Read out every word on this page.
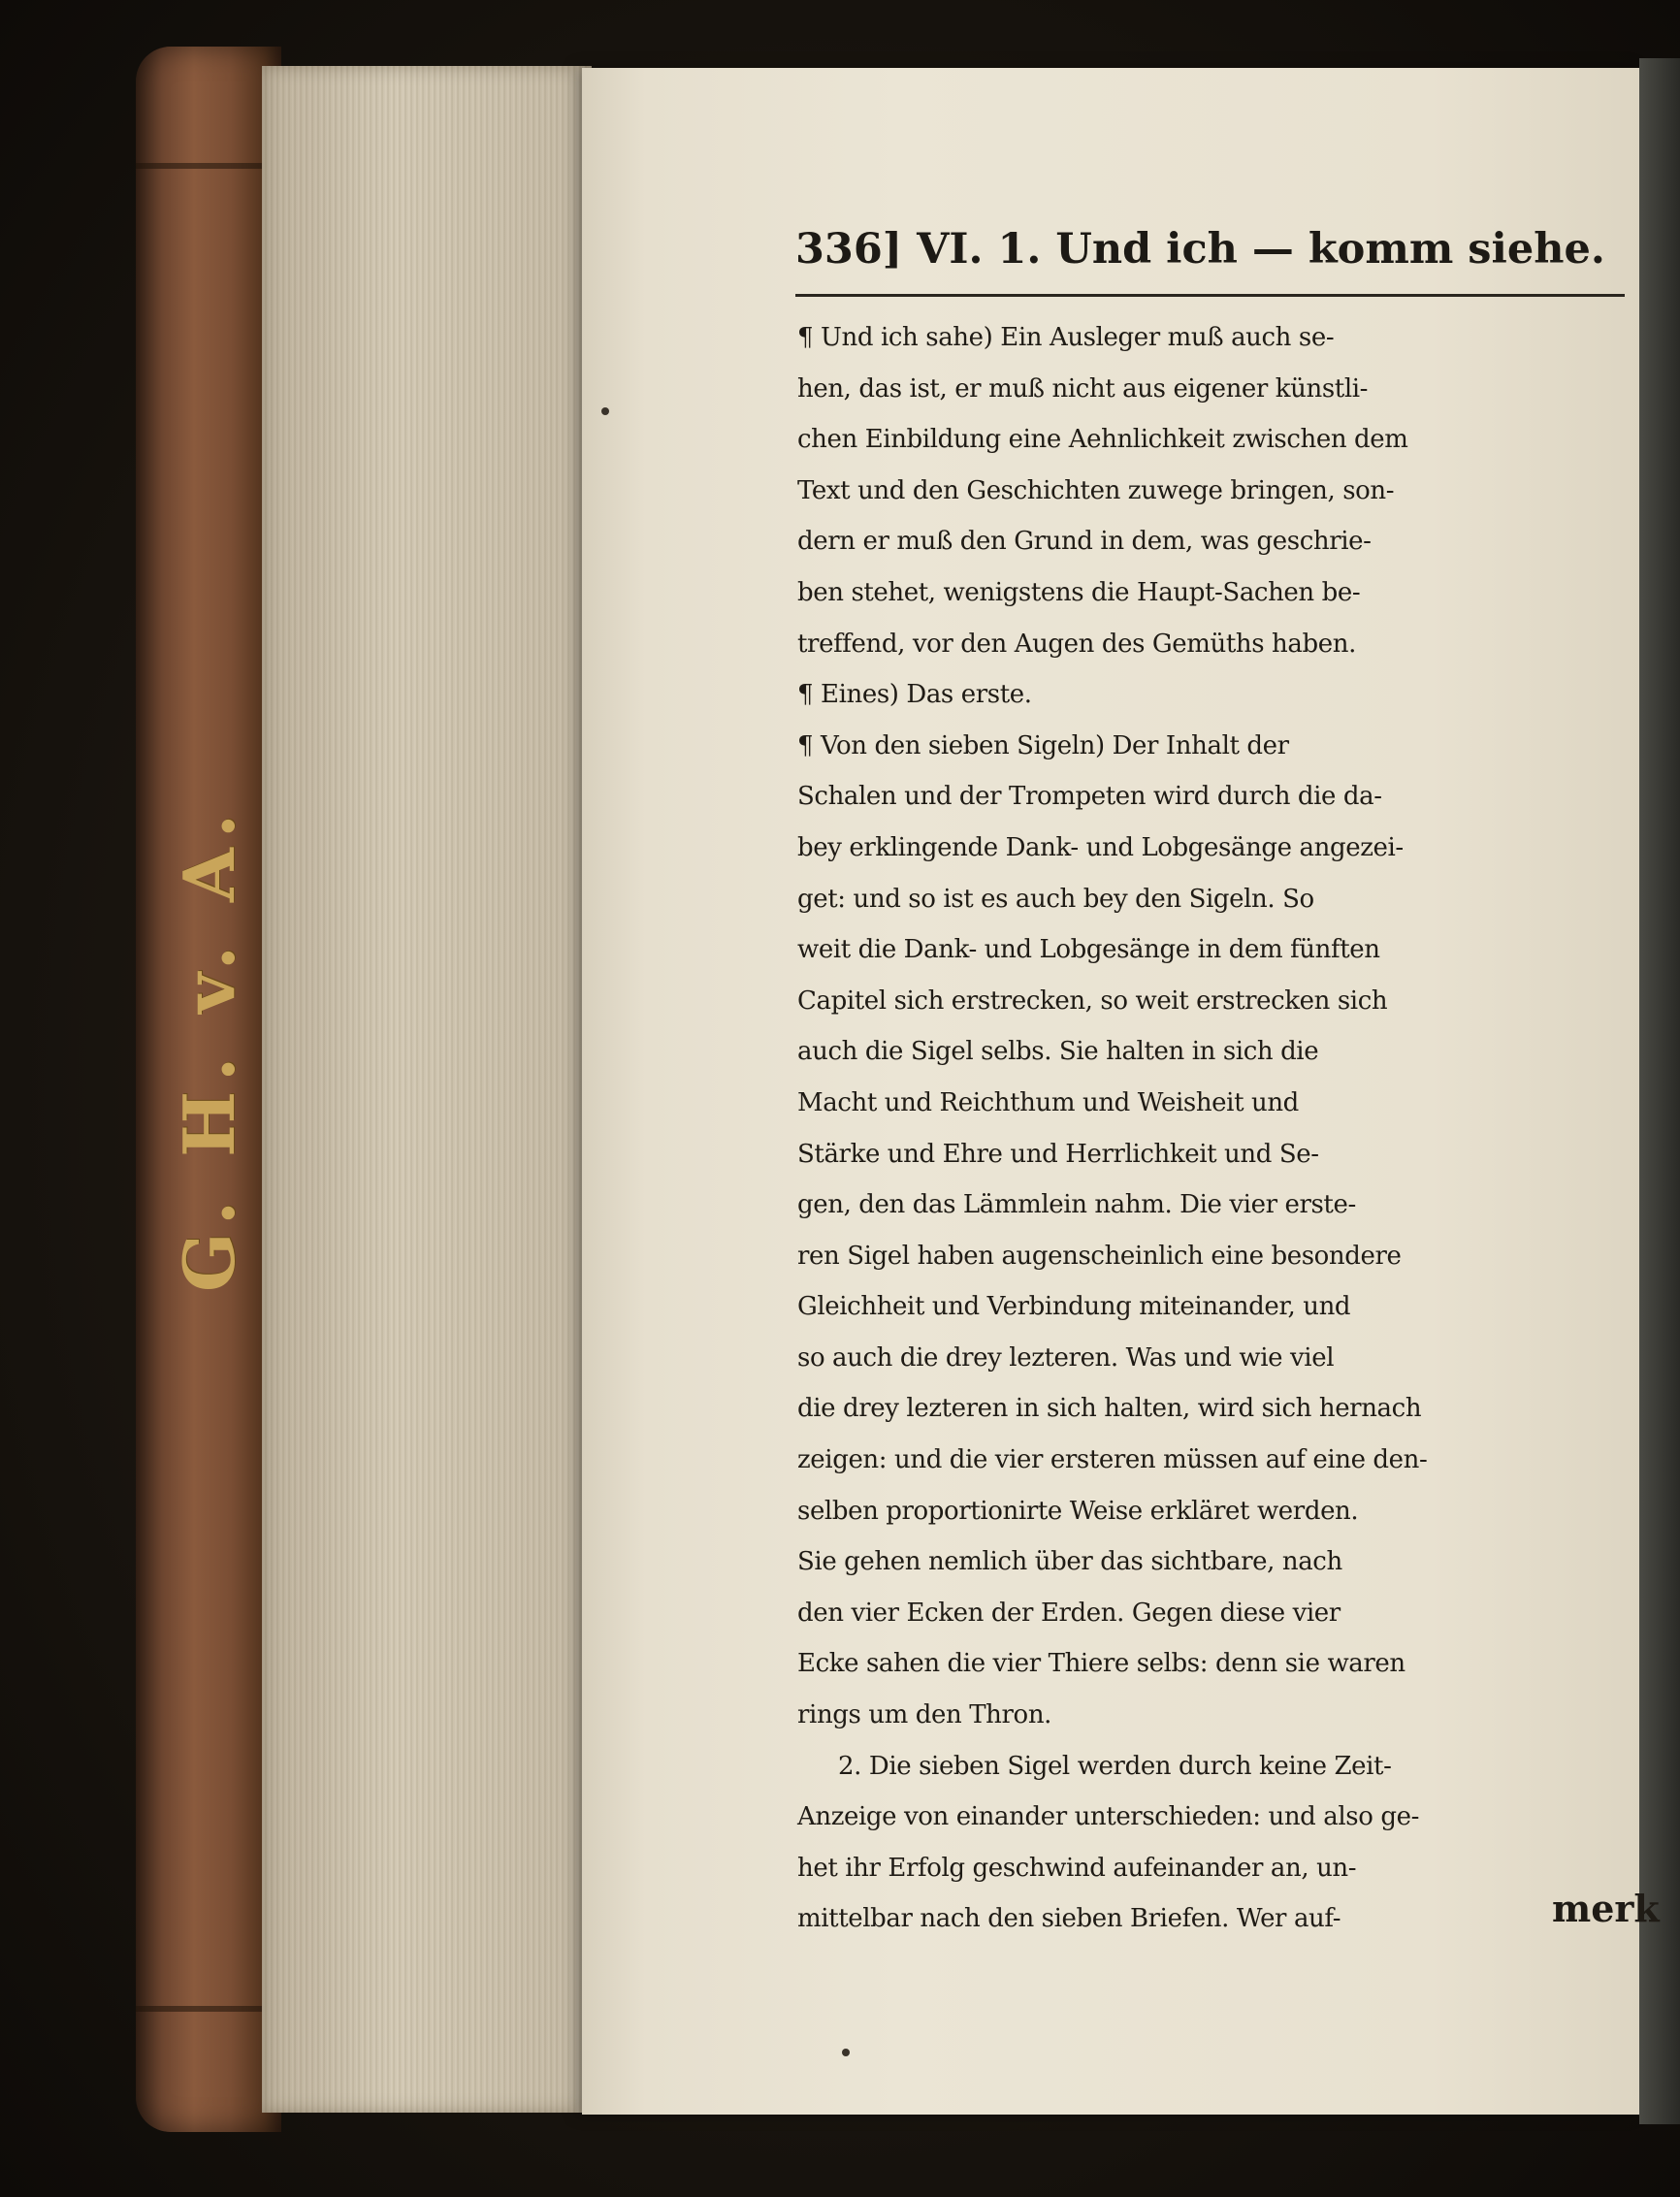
G. H. v. A.
336] VI. 1. Und ich — komm siehe.
¶ Und ich sahe) Ein Ausleger muß auch se-
hen, das ist, er muß nicht aus eigener künstli-
chen Einbildung eine Aehnlichkeit zwischen dem
Text und den Geschichten zuwege bringen, son-
dern er muß den Grund in dem, was geschrie-
ben stehet, wenigstens die Haupt-Sachen be-
treffend, vor den Augen des Gemüths haben.
¶ Eines) Das erste.
¶ Von den sieben Sigeln) Der Inhalt der
Schalen und der Trompeten wird durch die da-
bey erklingende Dank- und Lobgesänge angezei-
get: und so ist es auch bey den Sigeln. So
weit die Dank- und Lobgesänge in dem fünften
Capitel sich erstrecken, so weit erstrecken sich
auch die Sigel selbs. Sie halten in sich die
Macht und Reichthum und Weisheit und
Stärke und Ehre und Herrlichkeit und Se-
gen, den das Lämmlein nahm. Die vier erste-
ren Sigel haben augenscheinlich eine besondere
Gleichheit und Verbindung miteinander, und
so auch die drey lezteren. Was und wie viel
die drey lezteren in sich halten, wird sich hernach
zeigen: und die vier ersteren müssen auf eine den-
selben proportionirte Weise erkläret werden.
Sie gehen nemlich über das sichtbare, nach
den vier Ecken der Erden. Gegen diese vier
Ecke sahen die vier Thiere selbs: denn sie waren
rings um den Thron.
2. Die sieben Sigel werden durch keine Zeit-
Anzeige von einander unterschieden: und also ge-
het ihr Erfolg geschwind aufeinander an, un-
mittelbar nach den sieben Briefen. Wer auf-	merk
